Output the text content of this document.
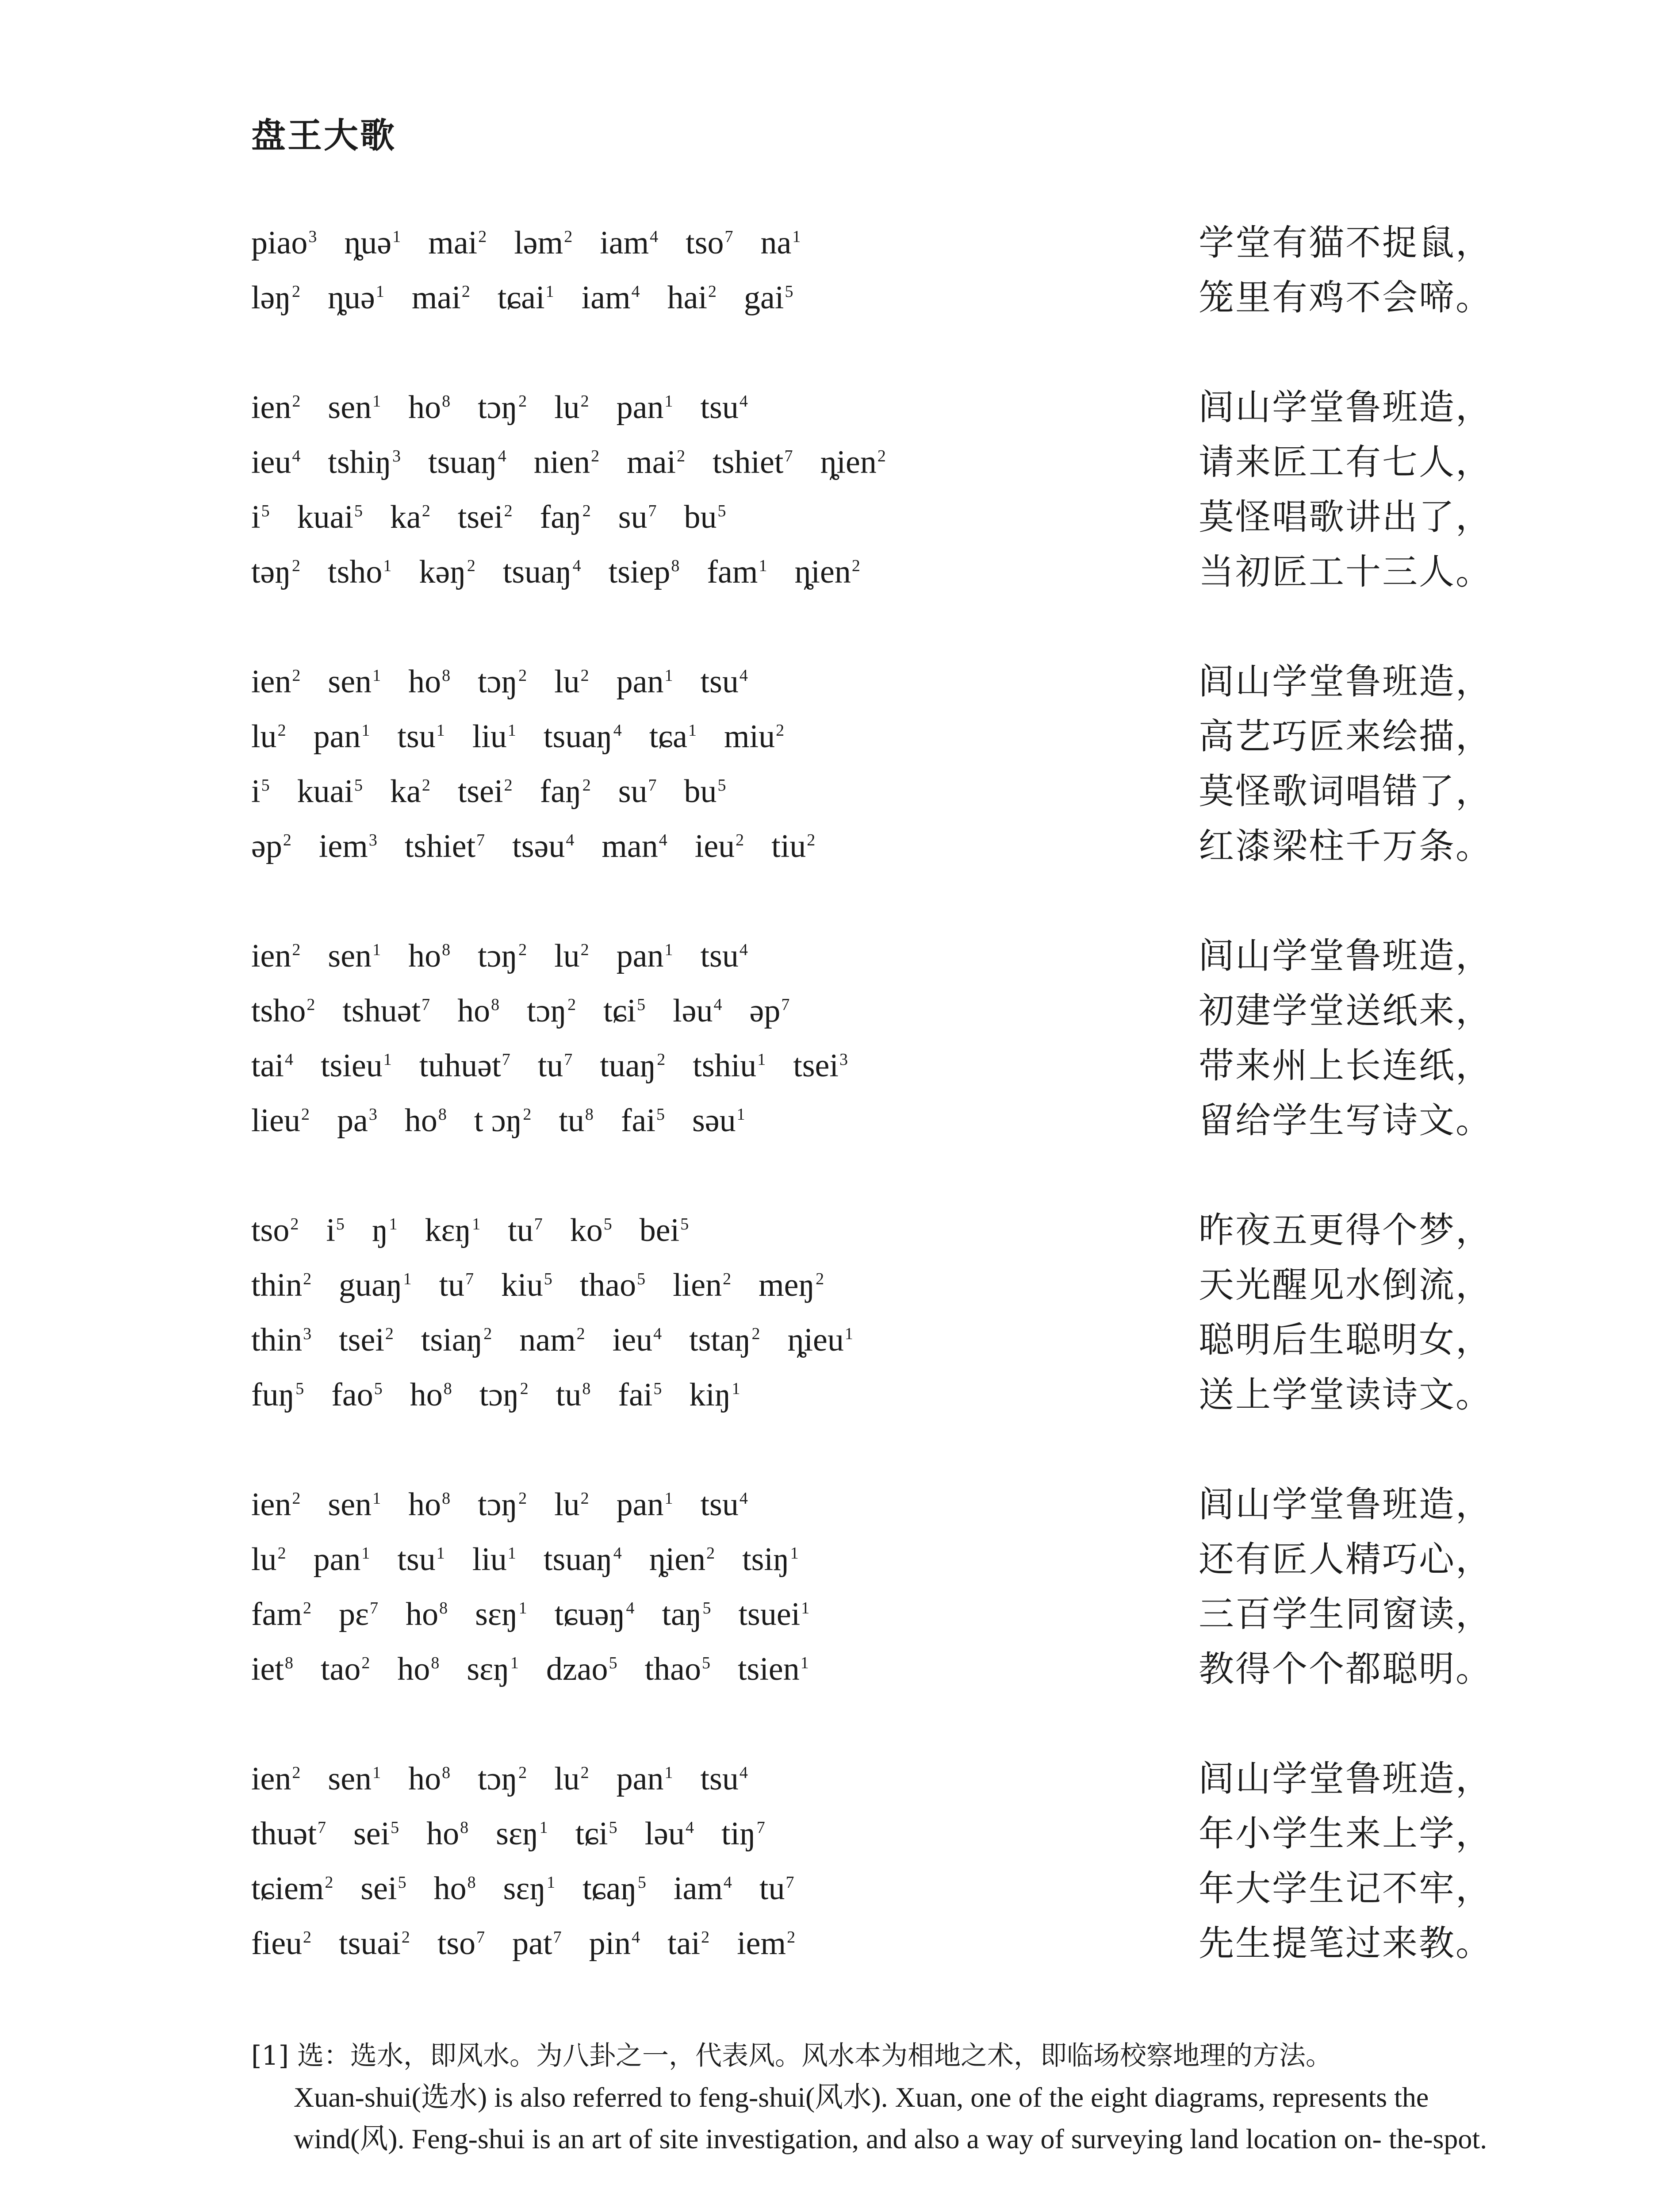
盘王大歌
piao$^3$ ȵuə$^1$ mai$^2$ ləm$^2$ iam$^4$ tso$^7$ $na^1$	学堂有猫不捉鼠，
ləŋ$^2$ ȵuə$^1$ mai$^2$ tɕai$^1$ iam$^4$ hai$^2$ gai$^5$	笼里有鸡不会啼。
ien$^2$ sen$^1$ $ho^8$ tɔŋ$^2$ $lu^2$ pan$^1$ tsu$^4$	闾山学堂鲁班造，
ieu$^4$ tshiŋ$^3$ tsuaŋ$^4$ nien$^2$ mai$^2$ tshiet$^7$ ȵien$^2$	请来匠工有七人，
$i^5$ kuai$^5$ $ka^2$ tsei$^2$ faŋ$^2$ $su^7$ $bu^5$	莫怪唱歌讲出了，
təŋ$^2$ tsho$^1$ kəŋ$^2$ tsuaŋ$^4$ tsiep$^8$ fam$^1$ ȵien$^2$	当初匠工十三人。
ien$^2$ sen$^1$ $ho^8$ tɔŋ$^2$ $lu^2$ pan$^1$ tsu$^4$	闾山学堂鲁班造，
$lu^2$ pan$^1$ tsu$^1$ liu$^1$ tsuaŋ$^4$ tɕa$^1$ miu$^2$	高艺巧匠来绘描，
$i^5$ kuai$^5$ $ka^2$ tsei$^2$ faŋ$^2$ $su^7$ $bu^5$	莫怪歌词唱错了，
əp$^2$ iem$^3$ tshiet$^7$ tsəu$^4$ man$^4$ ieu$^2$ tiu$^2$	红漆梁柱千万条。
ien$^2$ sen$^1$ $ho^8$ tɔŋ$^2$ $lu^2$ pan$^1$ tsu$^4$	闾山学堂鲁班造，
tsho$^2$ tshuət$^7$ $ho^8$ tɔŋ$^2$ tɕi$^5$ ləu$^4$ əp$^7$	初建学堂送纸来，
tai$^4$ tsieu$^1$ tuhuət$^7$ $tu^7$ tuaŋ$^2$ tshiu$^1$ tsei$^3$	带来州上长连纸，
lieu$^2$ $pa^3$ $ho^8$ t ɔŋ$^2$ $tu^8$ fai$^5$ səu$^1$	留给学生写诗文。
tso$^2$ $i^5$ $ŋ^1$ kɛŋ$^1$ $tu^7$ $ko^5$ bei$^5$	昨夜五更得个梦，
thin$^2$ guaŋ$^1$ $tu^7$ kiu$^5$ thao$^5$ lien$^2$ meŋ$^2$	天光醒见水倒流，
thin$^3$ tsei$^2$ tsiaŋ$^2$ nam$^2$ ieu$^4$ tstaŋ$^2$ ȵieu$^1$	聪明后生聪明女，
fuŋ$^5$ fao$^5$ $ho^8$ tɔŋ$^2$ $tu^8$ fai$^5$ kiŋ$^1$	送上学堂读诗文。
ien$^2$ sen$^1$ $ho^8$ tɔŋ$^2$ $lu^2$ pan$^1$ tsu$^4$	闾山学堂鲁班造，
$lu^2$ pan$^1$ tsu$^1$ liu$^1$ tsuaŋ$^4$ ȵien$^2$ tsiŋ$^1$	还有匠人精巧心，
fam$^2$ pɛ$^7$ $ho^8$ sɛŋ$^1$ tɕuəŋ$^4$ taŋ$^5$ tsuei$^1$	三百学生同窗读，
iet$^8$ tao$^2$ $ho^8$ sɛŋ$^1$ dzao$^5$ thao$^5$ tsien$^1$	教得个个都聪明。
ien$^2$ sen$^1$ $ho^8$ tɔŋ$^2$ $lu^2$ pan$^1$ tsu$^4$	闾山学堂鲁班造，
thuət$^7$ sei$^5$ $ho^8$ sɛŋ$^1$ tɕi$^5$ ləu$^4$ tiŋ$^7$	年小学生来上学，
tɕiem$^2$ sei$^5$ $ho^8$ sɛŋ$^1$ tɕaŋ$^5$ iam$^4$ $tu^7$	年大学生记不牢，
fieu$^2$ tsuai$^2$ tso$^7$ pat$^7$ pin$^4$ tai$^2$ iem$^2$	先生提笔过来教。
[1] 选：选水，即风水。为八卦之一，代表风。风水本为相地之术，即临场校察地理的方法。
Xuan-shui(选水) is also referred to feng-shui(风水). Xuan, one of the eight diagrams, represents the wind(风). Feng-shui is an art of site investigation, and also a way of surveying land location on- the-spot.
